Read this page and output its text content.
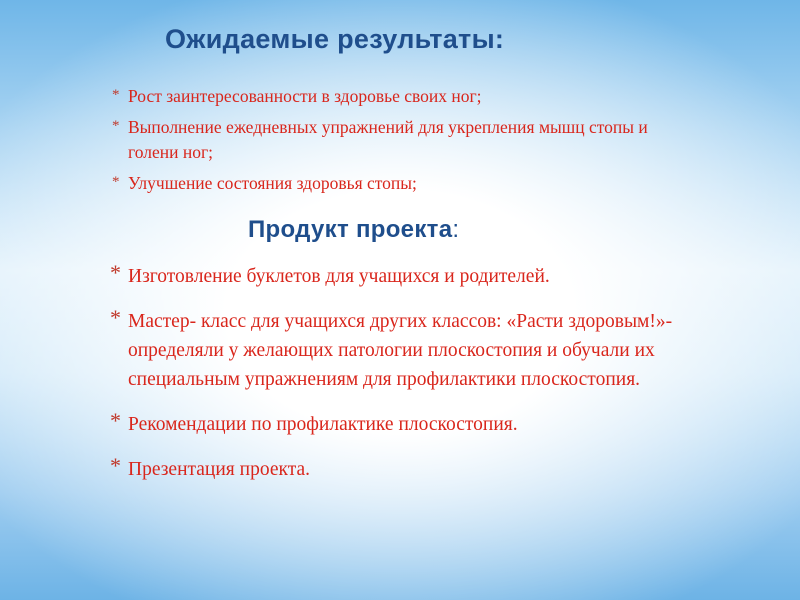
Ожидаемые результаты:
* Рост заинтересованности в здоровье своих ног;
* Выполнение ежедневных упражнений для укрепления мышц стопы и голени ног;
* Улучшение состояния здоровья стопы;
Продукт проекта:
* Изготовление буклетов для учащихся и родителей.
* Мастер- класс для учащихся других классов: «Расти здоровым!»- определяли у желающих патологии плоскостопия и обучали их специальным упражнениям для профилактики плоскостопия.
* Рекомендации по профилактике плоскостопия.
* Презентация проекта.
